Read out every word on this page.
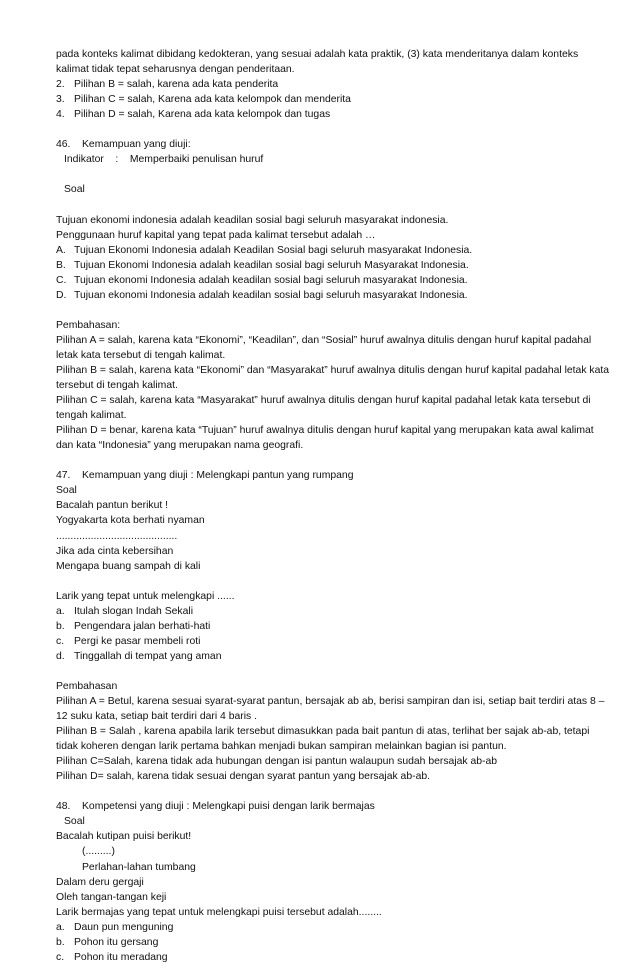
pada konteks kalimat dibidang kedokteran, yang sesuai adalah kata praktik, (3) kata menderitanya dalam konteks
kalimat tidak tepat seharusnya dengan penderitaan.
2. Pilihan B = salah, karena ada kata penderita
3. Pilihan C = salah, Karena ada kata kelompok dan menderita
4. Pilihan D = salah, Karena ada kata kelompok dan tugas
46. Kemampuan yang diuji:
Indikator : Memperbaiki penulisan huruf
Soal
Tujuan ekonomi indonesia adalah keadilan sosial bagi seluruh masyarakat indonesia.
Penggunaan huruf kapital yang tepat pada kalimat tersebut adalah …
A. Tujuan Ekonomi Indonesia adalah Keadilan Sosial bagi seluruh masyarakat Indonesia.
B. Tujuan Ekonomi Indonesia adalah keadilan sosial bagi seluruh Masyarakat Indonesia.
C. Tujuan ekonomi Indonesia adalah keadilan sosial bagi seluruh masyarakat Indonesia.
D. Tujuan ekonomi Indonesia adalah keadilan sosial bagi seluruh masyarakat Indonesia.
Pembahasan:
Pilihan A = salah, karena kata “Ekonomi”, “Keadilan”, dan “Sosial” huruf awalnya ditulis dengan huruf kapital padahal
letak kata tersebut di tengah kalimat.
Pilihan B = salah, karena kata “Ekonomi” dan “Masyarakat” huruf awalnya ditulis dengan huruf kapital padahal letak kata
tersebut di tengah kalimat.
Pilihan C = salah, karena kata “Masyarakat” huruf awalnya ditulis dengan huruf kapital padahal letak kata tersebut di
tengah kalimat.
Pilihan D = benar, karena kata “Tujuan” huruf awalnya ditulis dengan huruf kapital yang merupakan kata awal kalimat
dan kata “Indonesia” yang merupakan nama geografi.
47. Kemampuan yang diuji : Melengkapi pantun yang rumpang
Soal
Bacalah pantun berikut !
Yogyakarta kota berhati nyaman
..........................................
Jika ada cinta kebersihan
Mengapa buang sampah di kali
Larik yang tepat untuk melengkapi ......
a. Itulah slogan Indah Sekali
b. Pengendara jalan berhati-hati
c. Pergi ke pasar membeli roti
d. Tinggallah di tempat yang aman
Pembahasan
Pilihan A = Betul, karena sesuai syarat-syarat pantun, bersajak ab ab, berisi sampiran dan isi, setiap bait terdiri atas 8 –
12 suku kata, setiap bait terdiri dari 4 baris .
Pilihan B = Salah , karena apabila larik tersebut dimasukkan pada bait pantun di atas, terlihat ber sajak ab-ab, tetapi
tidak koheren dengan larik pertama bahkan menjadi bukan sampiran melainkan bagian isi pantun.
Pilihan C=Salah, karena tidak ada hubungan dengan isi pantun walaupun sudah bersajak ab-ab
Pilihan D= salah, karena tidak sesuai dengan syarat pantun yang bersajak ab-ab.
48. Kompetensi yang diuji : Melengkapi puisi dengan larik bermajas
Soal
Bacalah kutipan puisi berikut!
(.........)
Perlahan-lahan tumbang
Dalam deru gergaji
Oleh tangan-tangan keji
Larik bermajas yang tepat untuk melengkapi puisi tersebut adalah........
a. Daun pun menguning
b. Pohon itu gersang
c. Pohon itu meradang
